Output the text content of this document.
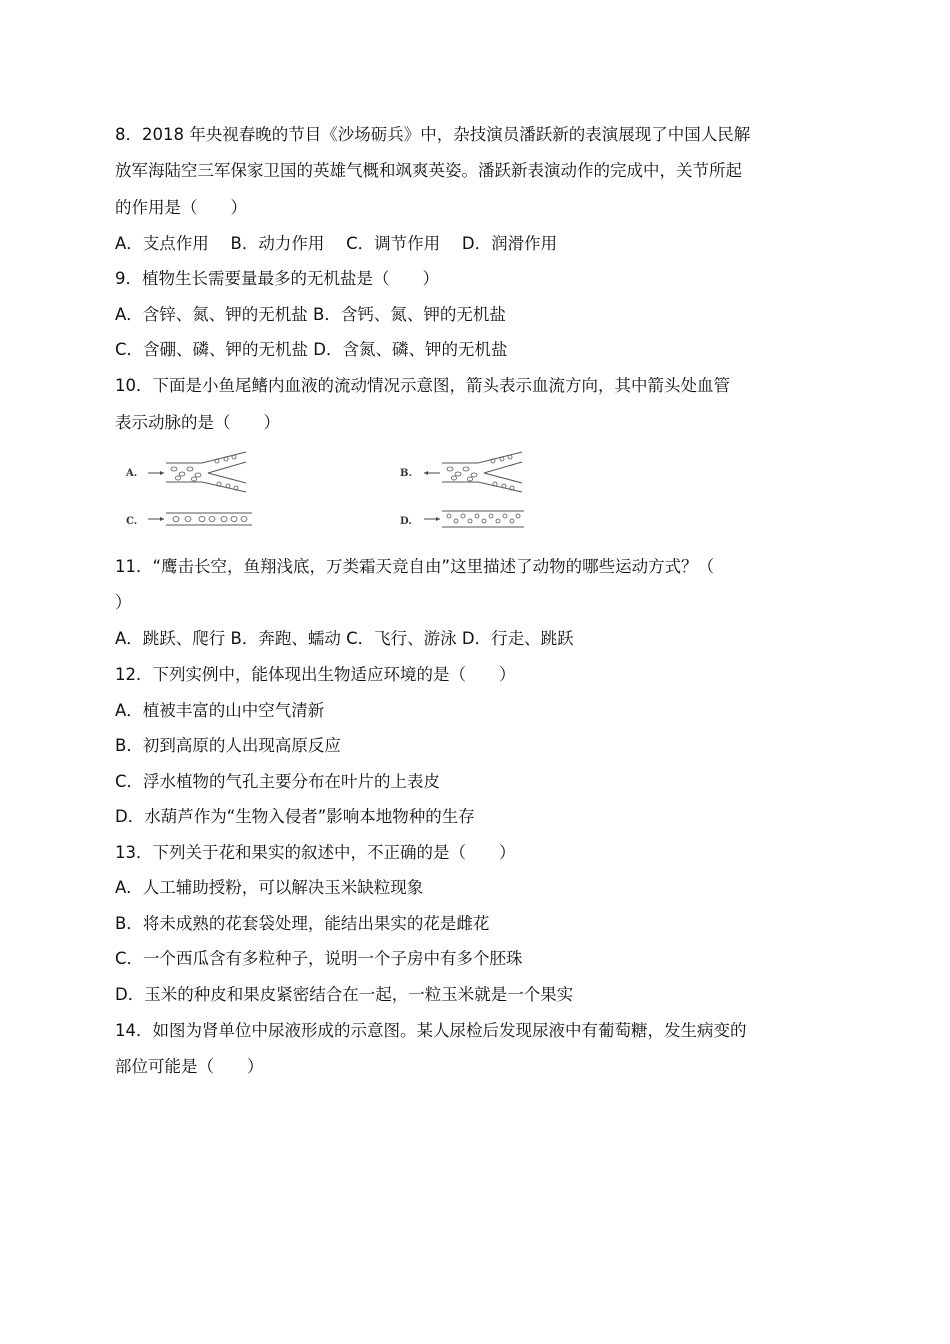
8．2018 年央视春晚的节目《沙场砺兵》中，杂技演员潘跃新的表演展现了中国人民解
放军海陆空三军保家卫国的英雄气概和飒爽英姿。潘跃新表演动作的完成中，关节所起
的作用是（　　）
A．支点作用　 B．动力作用　 C．调节作用　 D．润滑作用
9．植物生长需要量最多的无机盐是（　　）
A．含锌、氮、钾的无机盐 B．含钙、氮、钾的无机盐
C．含硼、磷、钾的无机盐 D．含氮、磷、钾的无机盐
10．下面是小鱼尾鳍内血液的流动情况示意图，箭头表示血流方向，其中箭头处血管
表示动脉的是（　　）
A.	B.
C.	D.
11．“鹰击长空，鱼翔浅底，万类霜天竞自由”这里描述了动物的哪些运动方式？（
）
A．跳跃、爬行 B．奔跑、蠕动 C．飞行、游泳 D．行走、跳跃
12．下列实例中，能体现出生物适应环境的是（　　）
A．植被丰富的山中空气清新
B．初到高原的人出现高原反应
C．浮水植物的气孔主要分布在叶片的上表皮
D．水葫芦作为“生物入侵者”影响本地物种的生存
13．下列关于花和果实的叙述中，不正确的是（　　）
A．人工辅助授粉，可以解决玉米缺粒现象
B．将未成熟的花套袋处理，能结出果实的花是雌花
C．一个西瓜含有多粒种子，说明一个子房中有多个胚珠
D．玉米的种皮和果皮紧密结合在一起，一粒玉米就是一个果实
14．如图为肾单位中尿液形成的示意图。某人尿检后发现尿液中有葡萄糖，发生病变的
部位可能是（　　）
